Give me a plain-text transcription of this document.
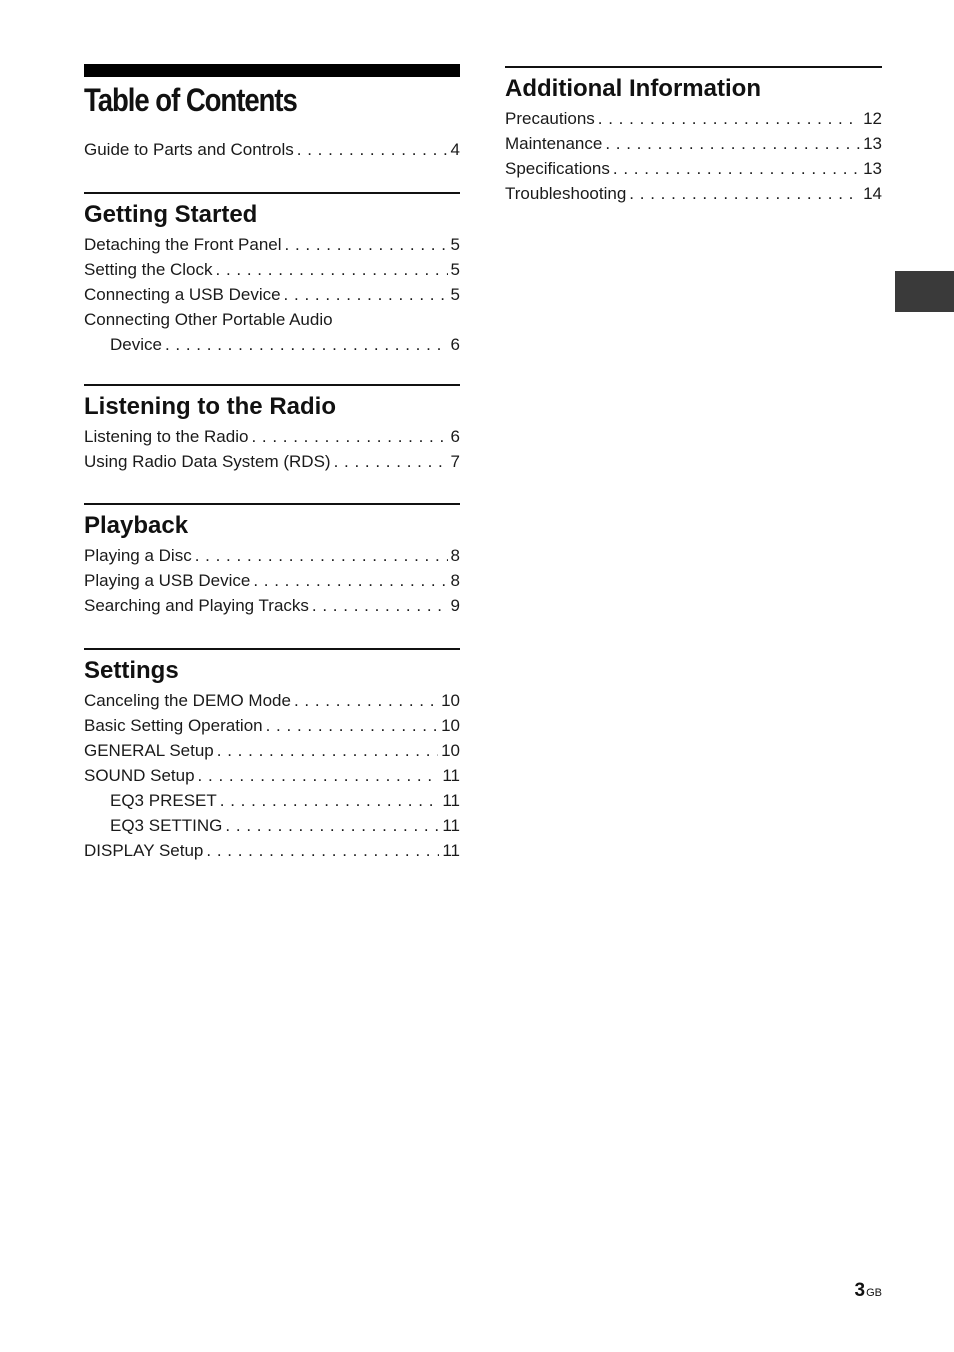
Table of Contents
Guide to Parts and Controls . . .	4
Getting Started
Detaching the Front Panel . . .	5
Setting the Clock . . .	5
Connecting a USB Device . . .	5
Connecting Other Portable Audio
Device . . .	6
Listening to the Radio
Listening to the Radio . . .	6
Using Radio Data System (RDS) . . .	7
Playback
Playing a Disc . . .	8
Playing a USB Device . . .	8
Searching and Playing Tracks . . .	9
Settings
Canceling the DEMO Mode . . .	10
Basic Setting Operation . . .	10
GENERAL Setup . . .	10
SOUND Setup . . .	11
EQ3 PRESET . . .	11
EQ3 SETTING . . .	11
DISPLAY Setup . . .	11
Additional Information
Precautions . . .	12
Maintenance . . .	13
Specifications . . .	13
Troubleshooting . . .	14
3GB
